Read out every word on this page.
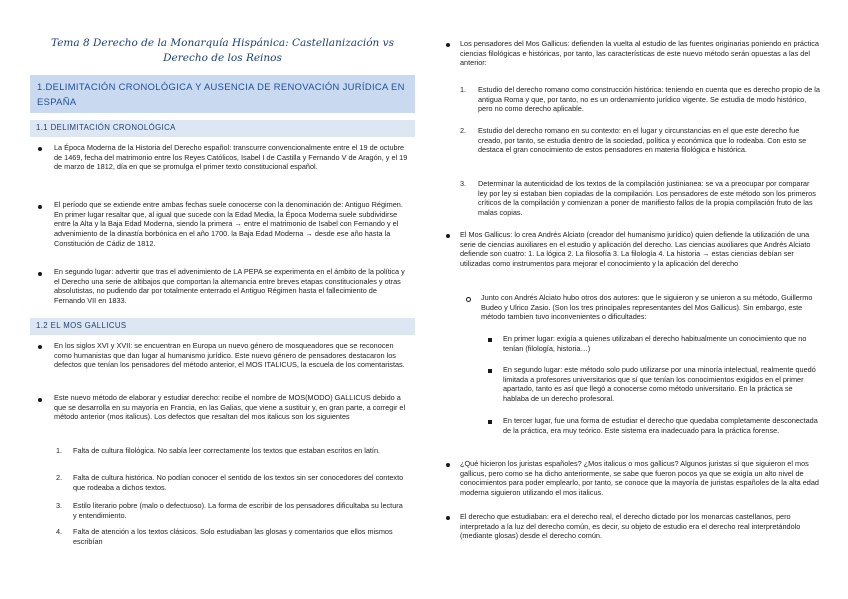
Tema 8 Derecho de la Monarquía Hispánica: Castellanización vs Derecho de los Reinos
1.DELIMITACIÓN CRONOLÓGICA Y AUSENCIA DE RENOVACIÓN JURÍDICA EN ESPAÑA
1.1 DELIMITACIÓN CRONOLÓGICA

La Época Moderna de la Historia del Derecho español: transcurre convencionalmente entre el 19 de octubre de 1469, fecha del matrimonio entre los Reyes Católicos, Isabel I de Castilla y Fernando V de Aragón, y el 19 de marzo de 1812, día en que se promulga el primer texto constitucional español.

El período que se extiende entre ambas fechas suele conocerse con la denominación de: Antiguo Régimen. En primer lugar resaltar que, al igual que sucede con la Edad Media, la Época Moderna suele subdividirse entre la Alta y la Baja Edad Moderna, siendo la primera → entre el matrimonio de Isabel con Fernando y el advenimiento de la dinastía borbónica en el año 1700. la Baja Edad Moderna → desde ese año hasta la Constitución de Cádiz de 1812.

En segundo lugar: advertir que tras el advenimiento de LA PEPA se experimenta en el ámbito de la política y el Derecho una serie de altibajos que comportan la alternancia entre breves etapas constitucionales y otras absolutistas, no pudiendo dar por totalmente enterrado el Antiguo Régimen hasta el fallecimiento de Fernando VII en 1833.

1.2 EL MOS GALLICUS

En los siglos XVI y XVII: se encuentran en Europa un nuevo género de mosqueadores que se reconocen como humanistas que dan lugar al humanismo jurídico. Este nuevo género de pensadores destacaron los defectos que tenían los pensadores del método anterior, el MOS ITALICUS, la escuela de los comentaristas.

Este nuevo método de elaborar y estudiar derecho: recibe el nombre de MOS(MODO) GALLICUS debido a que se desarrolla en su mayoría en Francia, en las Galias, que viene a sustituir y, en gran parte, a corregir el método anterior (mos italicus). Los defectos que resaltan del mos italicus son los siguientes

1. Falta de cultura filológica. No sabía leer correctamente los textos que estaban escritos en latín.

2. Falta de cultura histórica. No podían conocer el sentido de los textos sin ser conocedores del contexto que rodeaba a dichos textos.

3. Estilo literario pobre (malo o defectuoso). La forma de escribir de los pensadores dificultaba su lectura y entendimiento.

4. Falta de atención a los textos clásicos. Solo estudiaban las glosas y comentarios que ellos mismos escribían

Los pensadores del Mos Gallicus: defienden la vuelta al estudio de las fuentes originarias poniendo en práctica ciencias filológicas e históricas, por tanto, las características de este nuevo método serán opuestas a las del anterior:

1. Estudio del derecho romano como construcción histórica: teniendo en cuenta que es derecho propio de la antigua Roma y que, por tanto, no es un ordenamiento jurídico vigente. Se estudia de modo histórico, pero no como derecho aplicable.

2. Estudio del derecho romano en su contexto: en el lugar y circunstancias en el que este derecho fue creado, por tanto, se estudia dentro de la sociedad, política y económica que lo rodeaba. Con esto se destaca el gran conocimiento de estos pensadores en materia filológica e histórica.

3. Determinar la autenticidad de los textos de la compilación justinianea: se va a preocupar por comparar ley por ley si estaban bien copiadas de la compilación. Los pensadores de este método son los primeros críticos de la compilación y comienzan a poner de manifiesto fallos de la propia compilación fruto de las malas copias.

El Mos Gallicus: lo crea Andrés Alciato (creador del humanismo jurídico) quien defiende la utilización de una serie de ciencias auxiliares en el estudio y aplicación del derecho. Las ciencias auxiliares que Andrés Alciato defiende son cuatro: 1. La lógica 2. La filosofía 3. La filología 4. La historia → estas ciencias debían ser utilizadas como instrumentos para mejorar el conocimiento y la aplicación del derecho

Junto con Andrés Alciato hubo otros dos autores: que le siguieron y se unieron a su método, Guillermo Budeo y Ulrico Zasio. (Son los tres principales representantes del Mos Gallicus). Sin embargo, este método tambien tuvo inconvenientes o dificultades:

En primer lugar: exigía a quienes utilizaban el derecho habitualmente un conocimiento que no tenían (filología, historia…)

En segundo lugar: este método solo pudo utilizarse por una minoría intelectual, realmente quedó limitada a profesores universitarios que sí que tenían los conocimientos exigidos en el primer apartado, tanto es así que llegó a conocerse como método universitario. En la práctica se hablaba de un derecho profesoral.

En tercer lugar, fue una forma de estudiar el derecho que quedaba completamente desconectada de la práctica, era muy teórico. Este sistema era inadecuado para la práctica forense.

¿Qué hicieron los juristas españoles? ¿Mos italicus o mos gallicus? Algunos juristas sí que siguieron el mos gallicus, pero como se ha dicho anteriormente, se sabe que fueron pocos ya que se exigía un alto nivel de conocimientos para poder emplearlo, por tanto, se conoce que la mayoría de juristas españoles de la alta edad moderna siguieron utilizando el mos italicus.

El derecho que estudiaban: era el derecho real, el derecho dictado por los monarcas castellanos, pero interpretado a la luz del derecho común, es decir, su objeto de estudio era el derecho real interpretándolo (mediante glosas) desde el derecho común.
